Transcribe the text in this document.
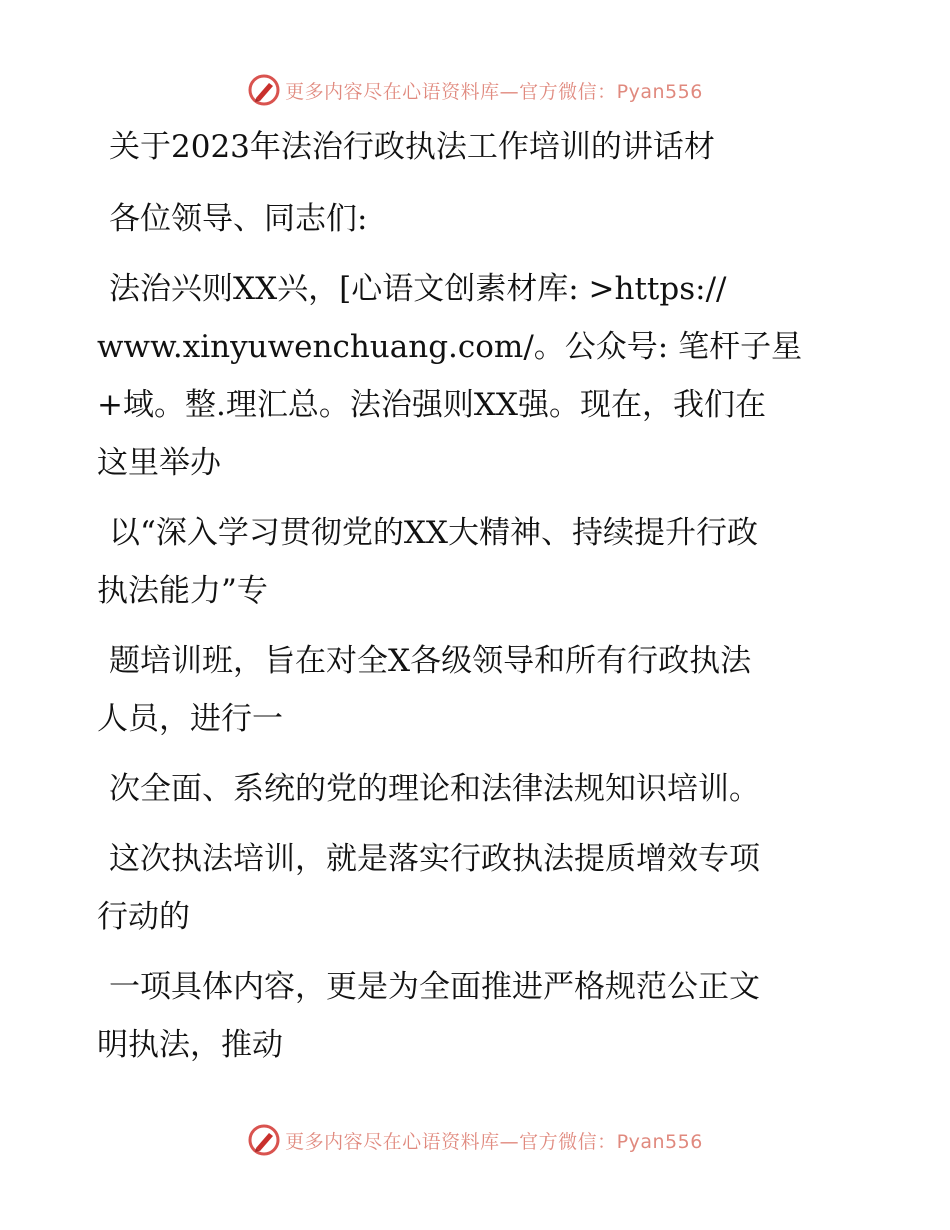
更多内容尽在心语资料库—官方微信：Pyan556

关于2023年法治行政执法工作培训的讲话材

各位领导、同志们:

法治兴则XX兴，[心语文创素材库: >https://
www.xinyuwenchuang.com/。公众号: 笔杆子星
+域。整.理汇总。法治强则XX强。现在，我们在
这里举办

以“深入学习贯彻党的XX大精神、持续提升行政
执法能力”专

题培训班，旨在对全X各级领导和所有行政执法
人员，进行一

次全面、系统的党的理论和法律法规知识培训。

这次执法培训，就是落实行政执法提质增效专项
行动的

一项具体内容，更是为全面推进严格规范公正文
明执法，推动

更多内容尽在心语资料库—官方微信：Pyan556
